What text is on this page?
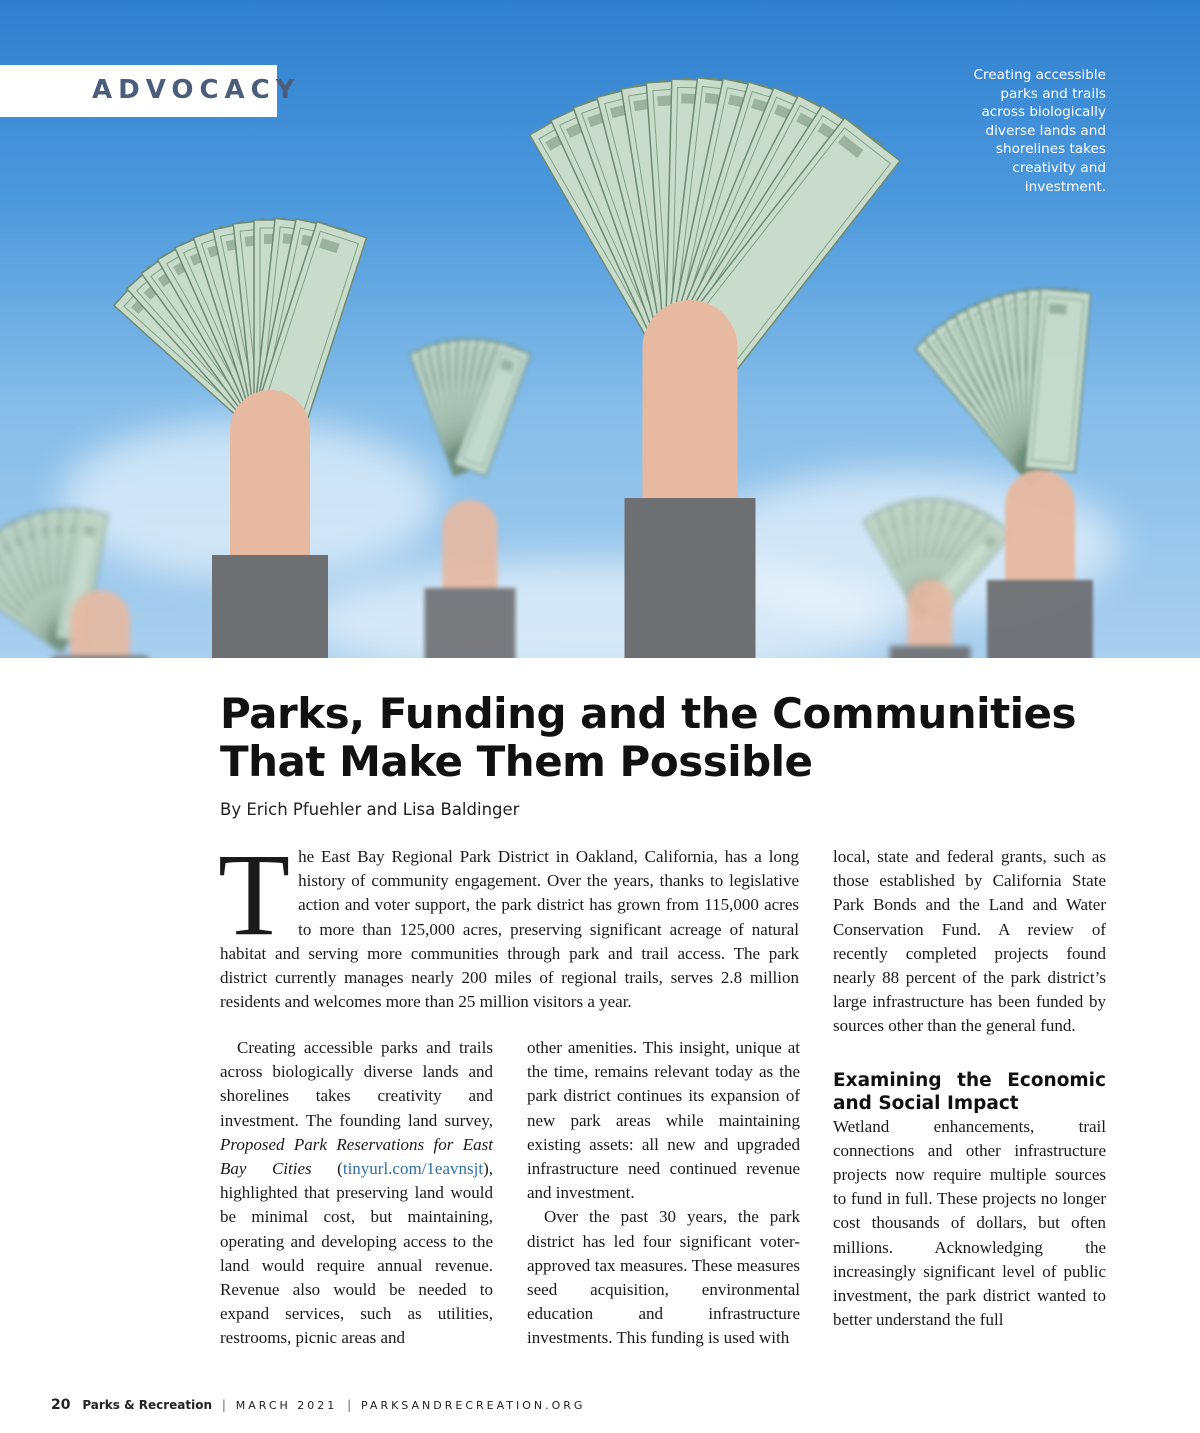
ADVOCACY	Creating accessible parks and trails across biologically diverse lands and shorelines takes creativity and investment.
Parks, Funding and the Communities That Make Them Possible
By Erich Pfuehler and Lisa Baldinger
The East Bay Regional Park District in Oakland, California, has a long history of community engagement. Over the years, thanks to legislative action and voter support, the park district has grown from 115,000 acres to more than 125,000 acres, preserving significant acreage of natural habitat and serving more communities through park and trail access. The park district currently manages nearly 200 miles of regional trails, serves 2.8 million residents and welcomes more than 25 million visitors a year.

Creating accessible parks and trails across biologically diverse lands and shorelines takes creativity and investment. The founding land survey, Proposed Park Reservations for East Bay Cities (tinyurl.com/1eavnsjt), highlighted that preserving land would be minimal cost, but maintaining, operating and developing access to the land would require annual revenue. Revenue also would be needed to expand services, such as utilities, restrooms, picnic areas and

other amenities. This insight, unique at the time, remains relevant today as the park district continues its expansion of new park areas while maintaining existing assets: all new and upgraded infrastructure need continued revenue and investment.

Over the past 30 years, the park district has led four significant voter-approved tax measures. These measures seed acquisition, environmental education and infrastructure investments. This funding is used with

local, state and federal grants, such as those established by California State Park Bonds and the Land and Water Conservation Fund. A review of recently completed projects found nearly 88 percent of the park district’s large infrastructure has been funded by sources other than the general fund.

Examining the Economic and Social Impact

Wetland enhancements, trail connections and other infrastructure projects now require multiple sources to fund in full. These projects no longer cost thousands of dollars, but often millions. Acknowledging the increasingly significant level of public investment, the park district wanted to better understand the full

20 Parks & Recreation | MARCH 2021 | PARKSANDRECREATION.ORG
